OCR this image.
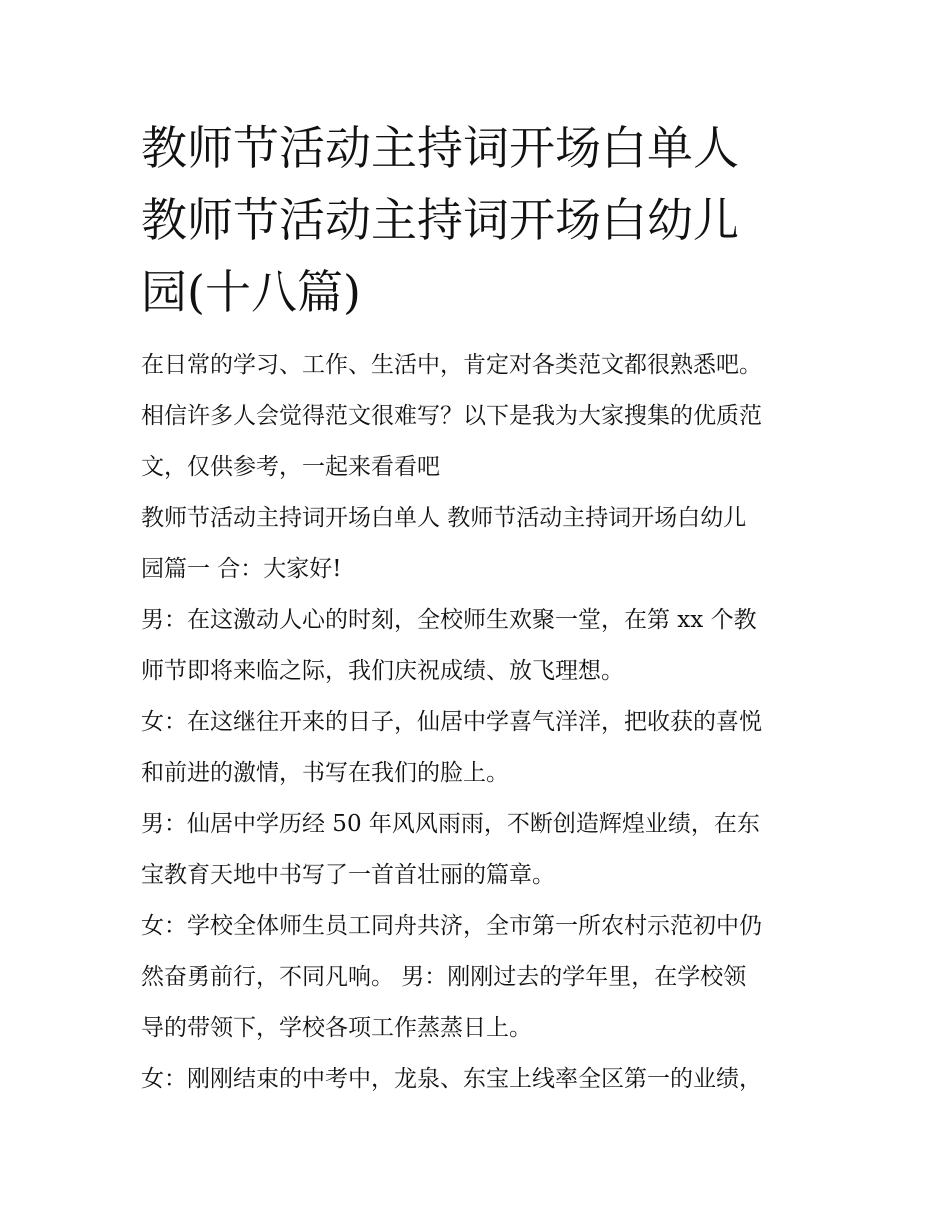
教师节活动主持词开场白单人
教师节活动主持词开场白幼儿
园(十八篇)

在日常的学习、工作、生活中，肯定对各类范文都很熟悉吧。
相信许多人会觉得范文很难写？以下是我为大家搜集的优质范
文，仅供参考，一起来看看吧

教师节活动主持词开场白单人 教师节活动主持词开场白幼儿
园篇一 合：大家好!

男：在这激动人心的时刻，全校师生欢聚一堂，在第 xx 个教
师节即将来临之际，我们庆祝成绩、放飞理想。

女：在这继往开来的日子，仙居中学喜气洋洋，把收获的喜悦
和前进的激情，书写在我们的脸上。

男：仙居中学历经 50 年风风雨雨，不断创造辉煌业绩，在东
宝教育天地中书写了一首首壮丽的篇章。

女：学校全体师生员工同舟共济，全市第一所农村示范初中仍
然奋勇前行，不同凡响。 男：刚刚过去的学年里，在学校领
导的带领下，学校各项工作蒸蒸日上。

女：刚刚结束的中考中，龙泉、东宝上线率全区第一的业绩，
